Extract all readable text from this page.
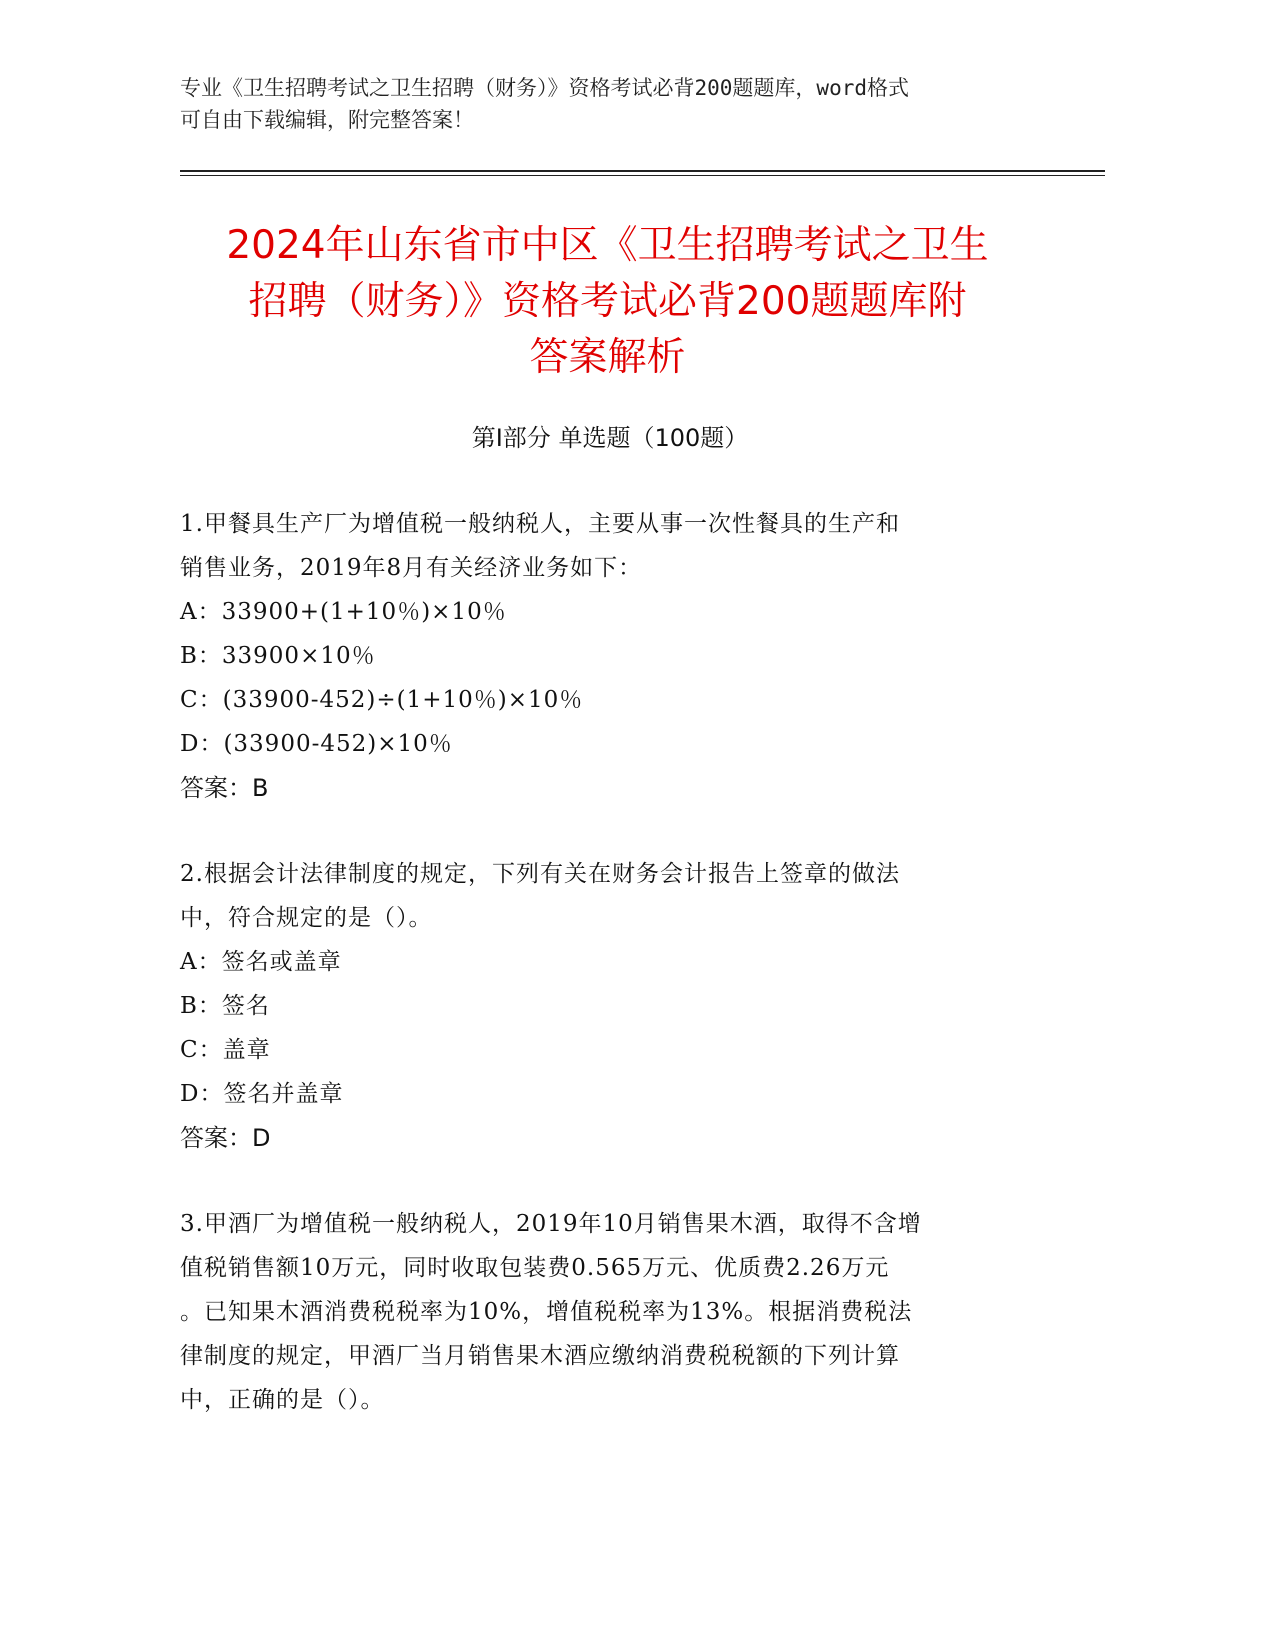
专业《卫生招聘考试之卫生招聘（财务）》资格考试必背200题题库，word格式
可自由下载编辑，附完整答案！
2024年山东省市中区《卫生招聘考试之卫生
招聘（财务）》资格考试必背200题题库附
答案解析
第Ⅰ部分 单选题（100题）
1.甲餐具生产厂为增值税一般纳税人，主要从事一次性餐具的生产和
销售业务，2019年8月有关经济业务如下：
A：33900+(1+10％)×10％
B：33900×10％
C：(33900-452)÷(1+10％)×10％
D：(33900-452)×10％
答案：B
2.根据会计法律制度的规定，下列有关在财务会计报告上签章的做法
中，符合规定的是（）。
A：签名或盖章
B：签名
C：盖章
D：签名并盖章
答案：D
3.甲酒厂为增值税一般纳税人，2019年10月销售果木酒，取得不含增
值税销售额10万元，同时收取包装费0.565万元、优质费2.26万元
。已知果木酒消费税税率为10%，增值税税率为13%。根据消费税法
律制度的规定，甲酒厂当月销售果木酒应缴纳消费税税额的下列计算
中，正确的是（）。
